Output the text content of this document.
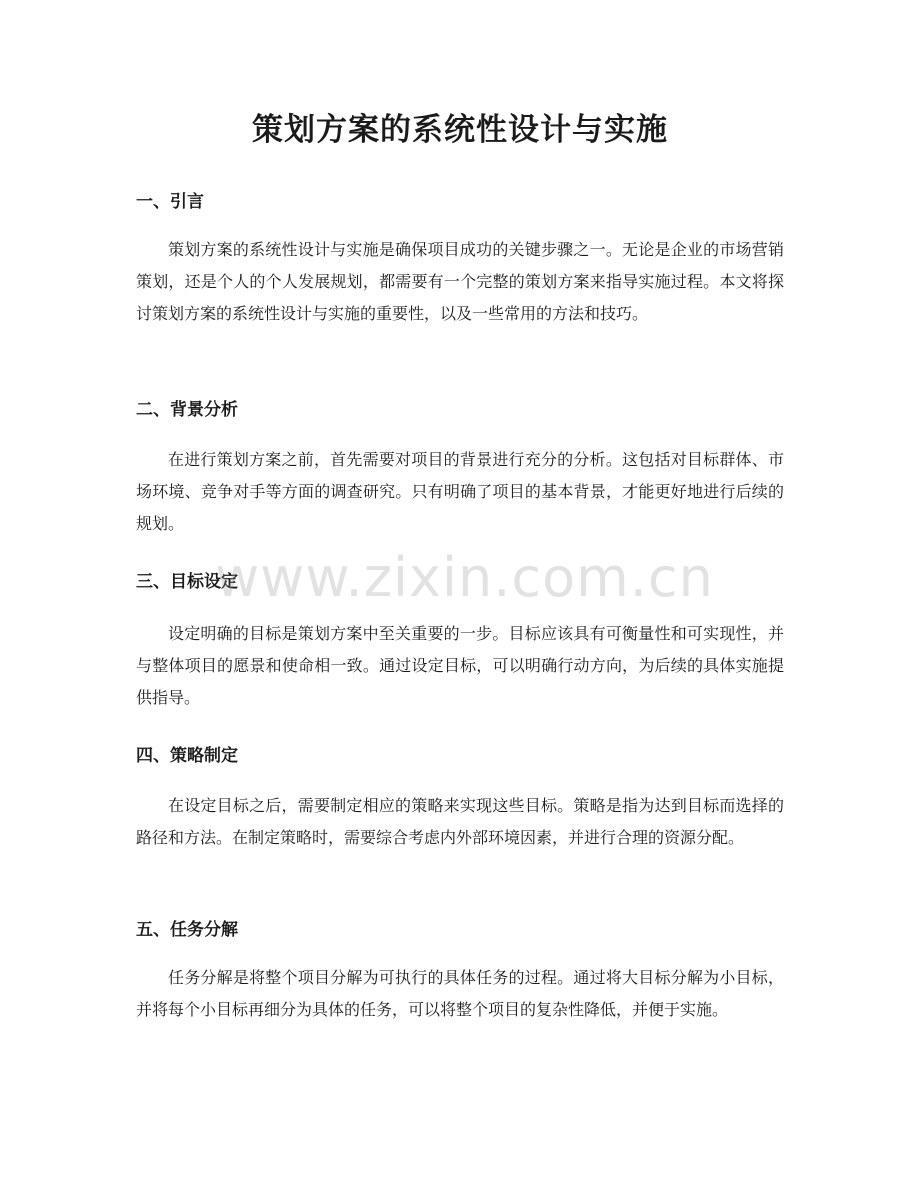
策划方案的系统性设计与实施
一、引言

策划方案的系统性设计与实施是确保项目成功的关键步骤之一。无论是企业的市场营销策划，还是个人的个人发展规划，都需要有一个完整的策划方案来指导实施过程。本文将探讨策划方案的系统性设计与实施的重要性，以及一些常用的方法和技巧。

二、背景分析

在进行策划方案之前，首先需要对项目的背景进行充分的分析。这包括对目标群体、市场环境、竞争对手等方面的调查研究。只有明确了项目的基本背景，才能更好地进行后续的规划。

三、目标设定

设定明确的目标是策划方案中至关重要的一步。目标应该具有可衡量性和可实现性，并与整体项目的愿景和使命相一致。通过设定目标，可以明确行动方向，为后续的具体实施提供指导。

四、策略制定

在设定目标之后，需要制定相应的策略来实现这些目标。策略是指为达到目标而选择的路径和方法。在制定策略时，需要综合考虑内外部环境因素，并进行合理的资源分配。

五、任务分解

任务分解是将整个项目分解为可执行的具体任务的过程。通过将大目标分解为小目标，并将每个小目标再细分为具体的任务，可以将整个项目的复杂性降低，并便于实施。

www.zixin.com.cn
